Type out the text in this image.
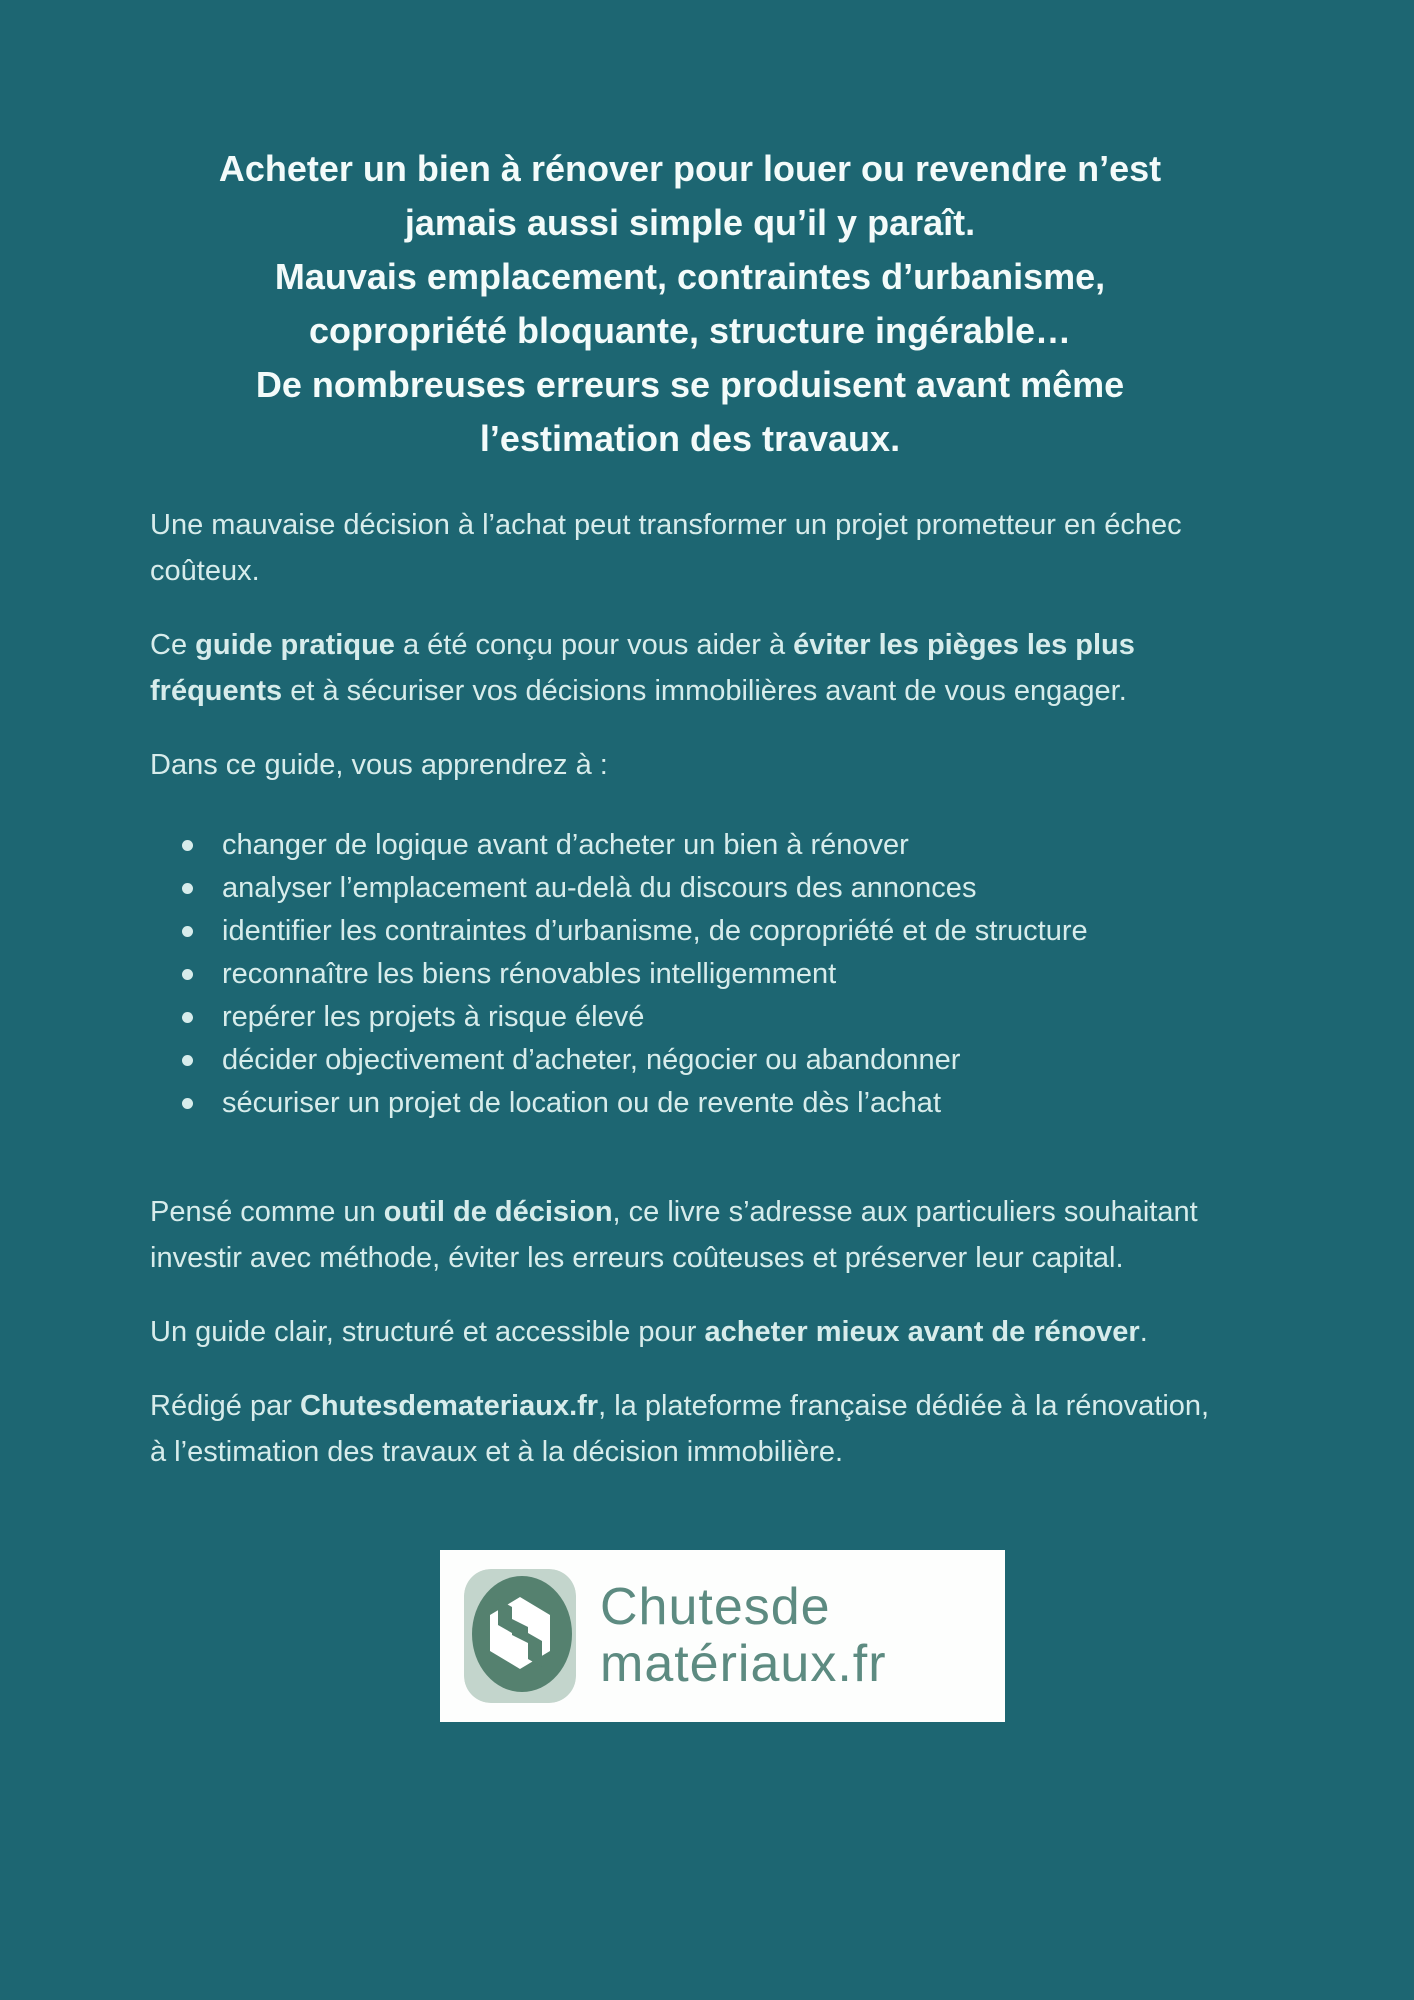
Acheter un bien à rénover pour louer ou revendre n’est
jamais aussi simple qu’il y paraît.
Mauvais emplacement, contraintes d’urbanisme,
copropriété bloquante, structure ingérable…
De nombreuses erreurs se produisent avant même
l’estimation des travaux.

Une mauvaise décision à l’achat peut transformer un projet prometteur en échec coûteux.

Ce guide pratique a été conçu pour vous aider à éviter les pièges les plus fréquents et à sécuriser vos décisions immobilières avant de vous engager.

Dans ce guide, vous apprendrez à :

changer de logique avant d’acheter un bien à rénover
analyser l’emplacement au-delà du discours des annonces
identifier les contraintes d’urbanisme, de copropriété et de structure
reconnaître les biens rénovables intelligemment
repérer les projets à risque élevé
décider objectivement d’acheter, négocier ou abandonner
sécuriser un projet de location ou de revente dès l’achat

Pensé comme un outil de décision, ce livre s’adresse aux particuliers souhaitant investir avec méthode, éviter les erreurs coûteuses et préserver leur capital.

Un guide clair, structuré et accessible pour acheter mieux avant de rénover.

Rédigé par Chutesdemateriaux.fr, la plateforme française dédiée à la rénovation, à l’estimation des travaux et à la décision immobilière.

Chutesde
matériaux.fr
